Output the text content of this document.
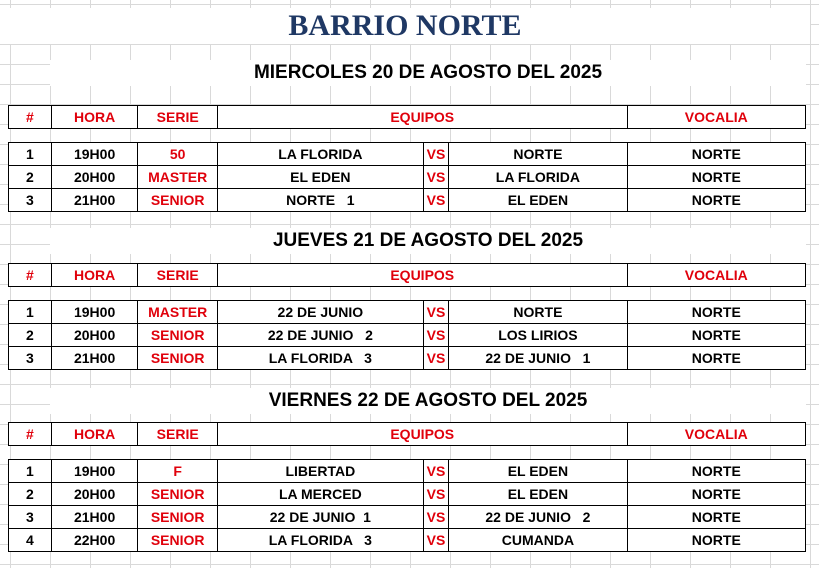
BARRIO NORTE
MIERCOLES 20 DE AGOSTO DEL 2025
#	HORA	SERIE	EQUIPOS	VOCALIA
1	19H00	50	LA FLORIDA	VS	NORTE	NORTE
2	20H00	MASTER	EL EDEN	VS	LA FLORIDA	NORTE
3	21H00	SENIOR	NORTE   1	VS	EL EDEN	NORTE
JUEVES 21 DE AGOSTO DEL 2025
#	HORA	SERIE	EQUIPOS	VOCALIA
1	19H00	MASTER	22 DE JUNIO	VS	NORTE	NORTE
2	20H00	SENIOR	22 DE JUNIO   2	VS	LOS LIRIOS	NORTE
3	21H00	SENIOR	LA FLORIDA   3	VS	22 DE JUNIO   1	NORTE
VIERNES 22 DE AGOSTO DEL 2025
#	HORA	SERIE	EQUIPOS	VOCALIA
1	19H00	F	LIBERTAD	VS	EL EDEN	NORTE
2	20H00	SENIOR	LA MERCED	VS	EL EDEN	NORTE
3	21H00	SENIOR	22 DE JUNIO  1	VS	22 DE JUNIO   2	NORTE
4	22H00	SENIOR	LA FLORIDA   3	VS	CUMANDA	NORTE
